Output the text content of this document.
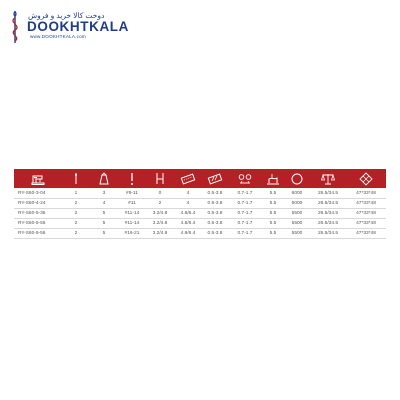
دوخت کالا خرید و فروش
DOOKHTKALA
www.DOOKHTKALA.com

RY-S60-3-04	1	3	#9-11	0	4	0.5-3.8	0.7-1.7	5.5	6000	26.5/34.5	47*33*48
RY-S60-4-24	2	4	#11	2	4	0.5-3.8	0.7-1.7	5.5	6000	26.5/34.5	47*33*48
RY-S60-5-35	2	5	#11-14	3.2/4.8	4.8/6.4	0.5-3.8	0.7-1.7	5.5	5500	26.5/34.5	47*33*48
RY-S60-5-55	2	5	#11-14	3.2/4.8	4.8/6.4	0.5-3.8	0.7-1.7	5.5	5500	26.5/34.5	47*33*48
RY-S60-5-56	2	5	#16-21	3.2/4.8	4.8/6.4	0.5-3.8	0.7-1.7	5.5	5500	26.5/34.5	47*33*48
